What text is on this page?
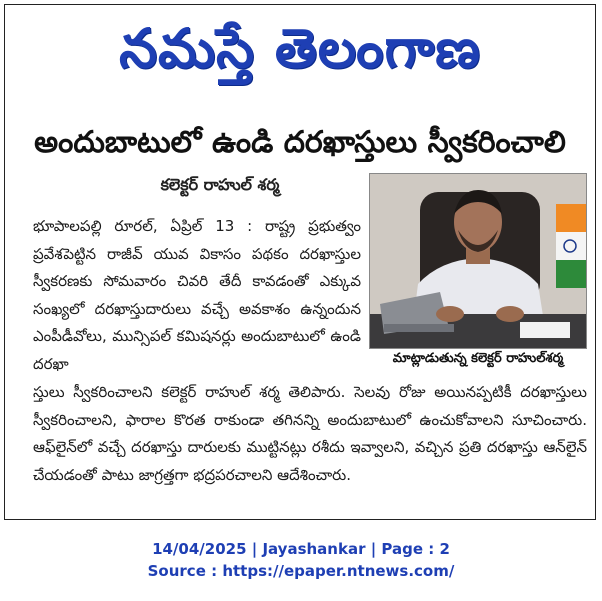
నమస్తే తెలంగాణ
అందుబాటులో ఉండి దరఖాస్తులు స్వీకరించాలి
కలెక్టర్ రాహుల్ శర్మ
మాట్లాడుతున్న కలెక్టర్ రాహుల్‌శర్మ
భూపాలపల్లి రూరల్, ఏప్రిల్ 13 : రాష్ట్ర ప్రభుత్వం ప్రవేశపెట్టిన రాజీవ్ యువ వికాసం పథకం దరఖాస్తుల స్వీకరణకు సోమవారం చివరి తేదీ కావడంతో ఎక్కువ సంఖ్యలో దరఖాస్తుదారులు వచ్చే అవకాశం ఉన్నందున ఎంపీడీవోలు, మున్సిపల్ కమిషనర్లు అందుబాటులో ఉండి దరఖా
స్తులు స్వీకరించాలని కలెక్టర్ రాహుల్ శర్మ తెలిపారు. సెలవు రోజు అయినప్పటికీ దరఖాస్తులు స్వీకరించాలని, ఫారాల కొరత రాకుండా తగినన్ని అందుబాటులో ఉంచుకోవాలని సూచించారు. ఆఫ్‌లైన్‌లో వచ్చే దరఖాస్తు దారులకు ముట్టినట్లు రశీదు ఇవ్వాలని, వచ్చిన ప్రతి దరఖాస్తు ఆన్‌లైన్ చేయడంతో పాటు జాగ్రత్తగా భద్రపరచాలని ఆదేశించారు.
14/04/2025 | Jayashankar | Page : 2
Source : https://epaper.ntnews.com/
